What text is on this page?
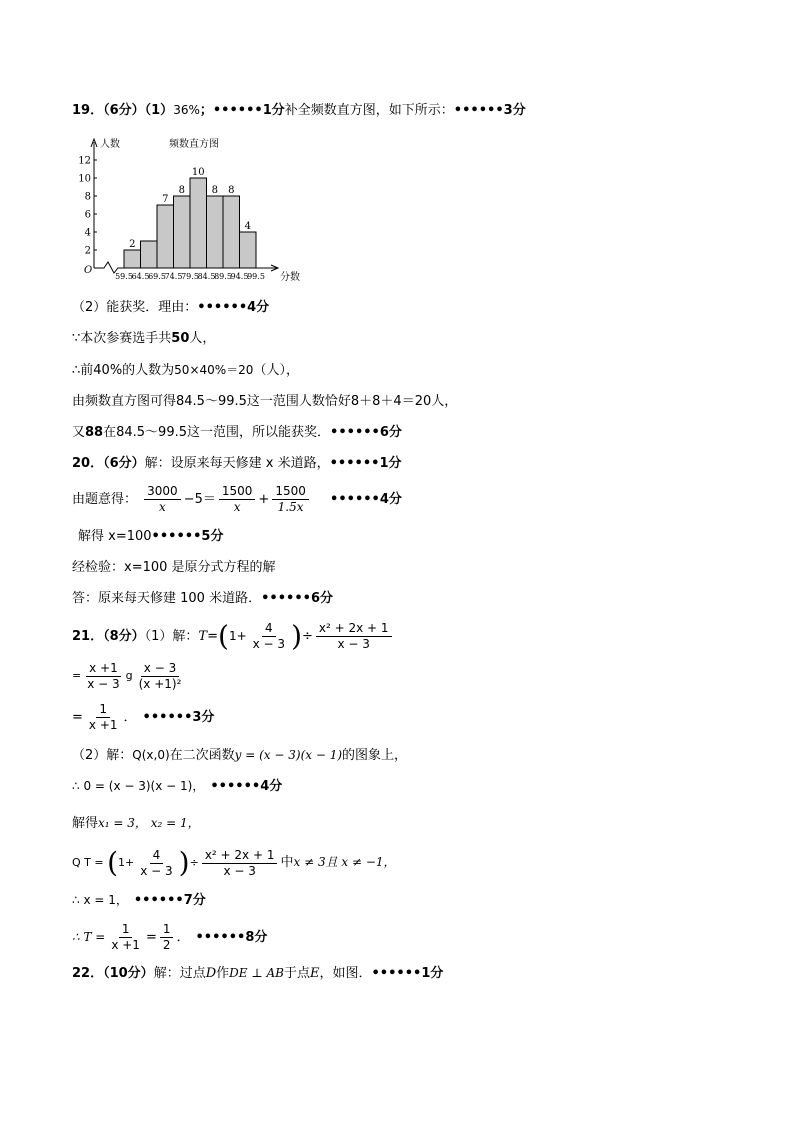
19．（6分）（1）36%；••••••1分补全频数直方图，如下所示：••••••3分
2
4
6
8
10
12
人数
分数
O
频数直方图
2
7
8
10
8 8
4
59.5
64.5
69.5
74.5
79.5
84.5
89.5
94.5
99.5
（2）能获奖．理由：••••••4分
∵本次参赛选手共50人，
∴前40%的人数为50×40%＝20（人），
由频数直方图可得84.5～99.5这一范围人数恰好8＋8＋4＝20人，
又88在84.5～99.5这一范围，所以能获奖．••••••6分
20．（6分）解：设原来每天修建 x 米道路，••••••1分
由题意得： $\frac{3000}{x} -5= \frac{1500}{x} + \frac{1500}{1.5x}$ ••••••4分
解得 x=100••••••5分
经检验：x=100 是原分式方程的解
答：原来每天修建 100 米道路．••••••6分
21．（8分）（1）解：$T=(1+ \frac{4}{x - 3}$ )÷ $\frac{\text{x² + 2x + 1}}{x - 3}$
= $\frac{x +1}{x - 3}$ g $\frac{x - 3}{\text{(x +1)²}}$
= $\frac{1}{x +1}$ ． ••••••3分
（2）解：Q(x,0)在二次函数y = (x − 3)(x − 1)的图象上，
∴ 0 = (x − 3)(x − 1)， ••••••4分
解得x₁ = 3， x₂ = 1，
Q $T = (1+ \frac{4}{x - 3}$ )÷ $\frac{\text{x² + 2x + 1}}{x - 3}$ 中x ≠ 3且 x ≠ −1，
∴ x = 1， ••••••7分
∴ $T = \frac{1}{x +1} = \frac{1}{2}$ ． ••••••8分
22．（10分）解：过点D作DE ⊥ AB于点E，如图．••••••1分
